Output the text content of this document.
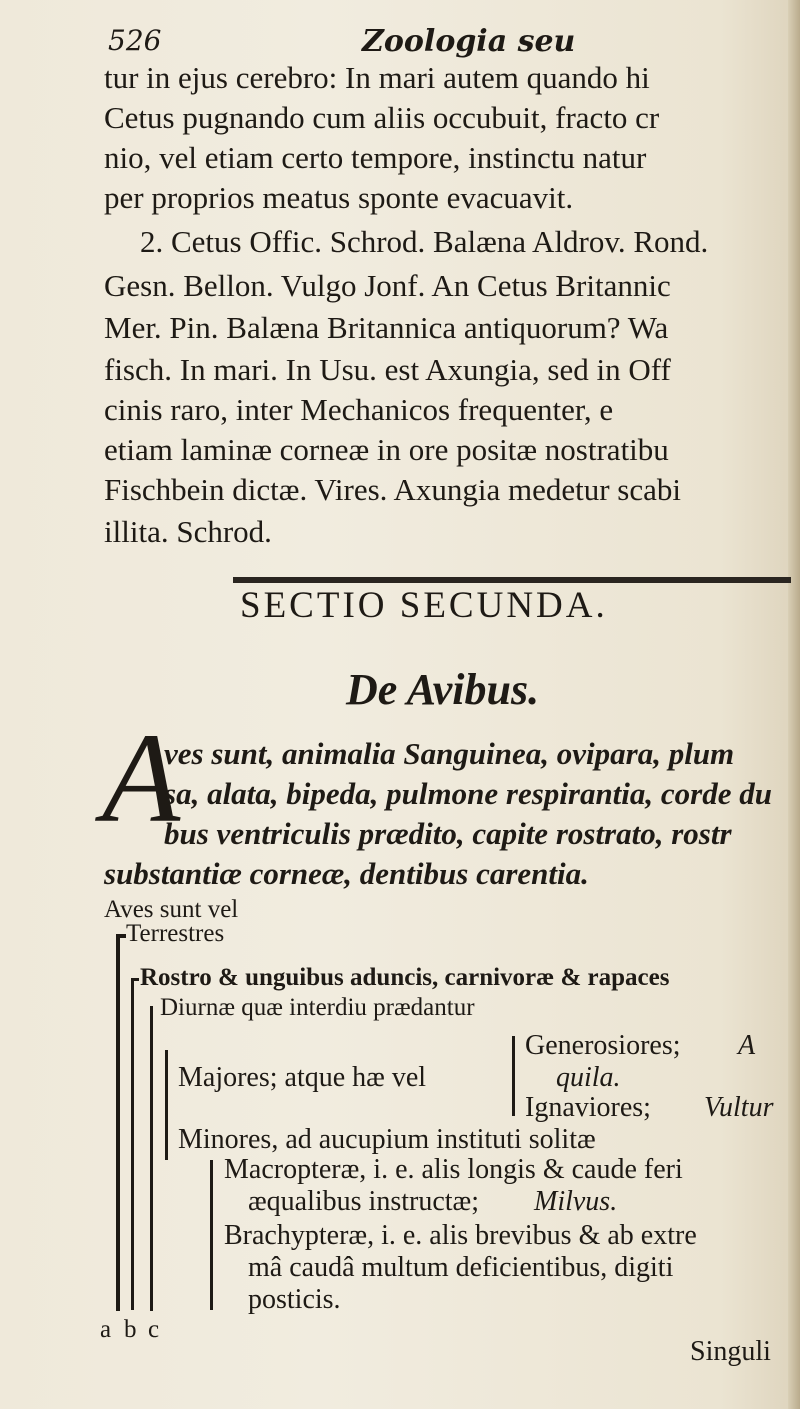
526	Zoologia seu
tur in ejus cerebro: In mari autem quando hi
Cetus pugnando cum aliis occubuit, fracto cr
nio, vel etiam certo tempore, instinctu natur
per proprios meatus sponte evacuavit.
2. Cetus Offic. Schrod. Balæna Aldrov. Rond.
Gesn. Bellon. Vulgo Jonf. An Cetus Britannic
Mer. Pin. Balæna Britannica antiquorum? Wa
fisch. In mari. In Usu. est Axungia, sed in Off
cinis raro, inter Mechanicos frequenter, e
etiam laminæ corneæ in ore positæ nostratibu
Fischbein dictæ. Vires. Axungia medetur scabi
illita. Schrod.
SECTIO SECUNDA.
De Avibus.
A
ves sunt, animalia Sanguinea, ovipara, plum
sa, alata, bipeda, pulmone respirantia, corde du
bus ventriculis prædito, capite rostrato, rostr
substantiæ corneæ, dentibus carentia.
Aves sunt vel
Terrestres
Rostro & unguibus aduncis, carnivoræ & rapaces
Diurnæ quæ interdiu prædantur
Majores; atque hæ vel
Generosiores; A
quila.
Ignaviores; Vultur
Minores, ad aucupium instituti solitæ
Macropteræ, i. e. alis longis & caude feri
æqualibus instructæ; Milvus.
Brachypteræ, i. e. alis brevibus & ab extre
mâ caudâ multum deficientibus, digiti
posticis.
a b c
Singuli
